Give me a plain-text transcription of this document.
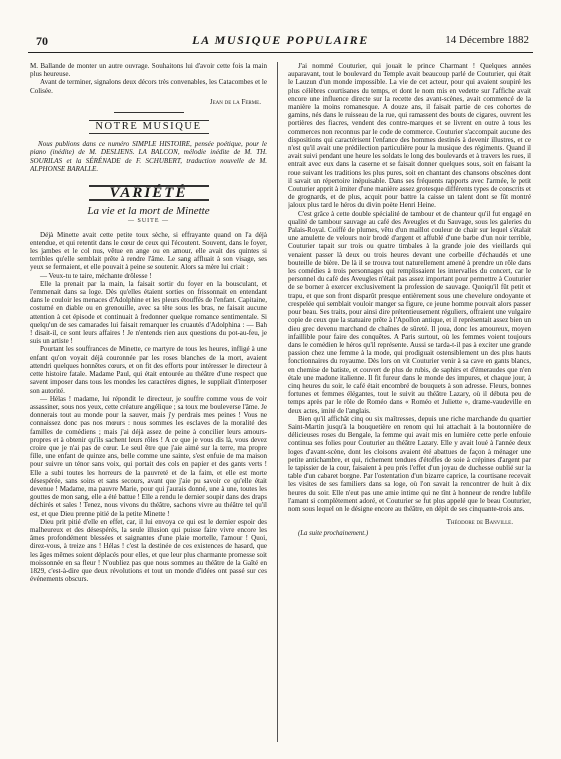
70	LA MUSIQUE POPULAIRE	14 Décembre 1882

M. Ballande de monter un autre ouvrage. Souhaitons lui d'avoir cette fois la main plus heureuse.

Avant de terminer, signalons deux décors très convenables, les Catacombes et le Colisée.

Jean de la Ferme.

NOTRE MUSIQUE

Nous publions dans ce numéro SIMPLE HISTOIRE, pensée poétique, pour le piano (inédite) de M. DESLIENS. LA BALCON, mélodie inédite de M. TH. SOURILAS et la SÉRÉNADE de F. SCHUBERT, traduction nouvelle de M. ALPHONSE BARALLE.

VARIÉTÉ
La vie et la mort de Minette
— SUITE —

Déjà Minette avait cette petite toux sèche, si effrayante quand on l'a déjà entendue, et qui retentit dans le cœur de ceux qui l'écoutent. Souvent, dans le foyer, les jambes et le col nus, vêtue en ange ou en amour, elle avait des quintes si terribles qu'elle semblait prête à rendre l'âme. Le sang affluait à son visage, ses yeux se fermaient, et elle pouvait à peine se soutenir. Alors sa mère lui criait :

— Veux-tu te taire, méchante drôlesse !

Elle la prenait par la main, la faisait sortir du foyer en la bousculant, et l'emmenait dans sa loge. Dès qu'elles étaient sorties on frissonnait en entendant dans le couloir les menaces d'Adolphine et les pleurs étouffés de l'enfant. Capitaine, costumé en diable ou en grenouille, avec sa tête sous les bras, ne faisait aucune attention à cet épisode et continuait à fredonner quelque romance sentimentale. Si quelqu'un de ses camarades lui faisait remarquer les cruautés d'Adolphina : — Bah ! disait-il, ce sont leurs affaires ! Je n'entends rien aux questions du pot-au-feu, je suis un artiste !

Pourtant les souffrances de Minette, ce martyre de tous les heures, infligé à une enfant qu'on voyait déjà couronnée par les roses blanches de la mort, avaient attendri quelques honnêtes cœurs, et on fit des efforts pour intéresser le directeur à cette histoire fatale. Madame Paul, qui était entourée au théâtre d'une respect que savent imposer dans tous les mondes les caractères dignes, le suppliait d'interposer son autorité.

— Hélas ! madame, lui répondit le directeur, je souffre comme vous de voir assassiner, sous nos yeux, cette créature angélique ; sa toux me bouleverse l'âme. Je donnerais tout au monde pour la sauver, mais j'y perdrais mes peines ! Vous ne connaissez donc pas nos mœurs : nous sommes les esclaves de la moralité des familles de comédiens ; mais j'ai déjà assez de peine à concilier leurs amours-propres et à obtenir qu'ils sachent leurs rôles ! A ce que je vous dis là, vous devez croire que je n'ai pas de cœur. Le seul être que j'aie aimé sur la terre, ma propre fille, une enfant de quinze ans, belle comme une sainte, s'est enfuie de ma maison pour suivre un ténor sans voix, qui portait des cols en papier et des gants verts ! Elle a subi toutes les horreurs de la pauvreté et de la faim, et elle est morte désespérée, sans soins et sans secours, avant que j'aie pu savoir ce qu'elle était devenue ! Madame, ma pauvre Marie, pour qui j'aurais donné, une à une, toutes les gouttes de mon sang, elle a été battue ! Elle a rendu le dernier soupir dans des draps déchirés et sales ! Tenez, nous vivons du théâtre, sachons vivre au théâtre tel qu'il est, et que Dieu prenne pitié de la petite Minette !

Dieu prit pitié d'elle en effet, car, il lui envoya ce qui est le dernier espoir des malheureux et des désespérés, la seule illusion qui puisse faire vivre encore les âmes profondément blessées et saignantes d'une plaie mortelle, l'amour ! Quoi, direz-vous, à treize ans ! Hélas ! c'est la destinée de ces existences de hasard, que les âges mêmes soient déplacés pour elles, et que leur plus charmante promesse soit moissonnée en sa fleur ! N'oubliez pas que nous sommes au théâtre de la Gaîté en 1829, c'est-à-dire que deux révolutions et tout un monde d'idées ont passé sur ces événements obscurs.

J'ai nommé Couturier, qui jouait le prince Charmant ! Quelques années auparavant, tout le boulevard du Temple avait beaucoup parlé de Couturier, qui était le Lauzun d'un monde impossible. La vie de cet acteur, pour qui avaient soupiré les plus célèbres courtisanes du temps, et dont le nom mis en vedette sur l'affiche avait encore une influence directe sur la recette des avant-scènes, avait commencé de la manière la moins romanesque. A douze ans, il faisait partie de ces cohortes de gamins, nés dans le ruisseau de la rue, qui ramassent des bouts de cigares, ouvrent les portières des fiacres, vendent des contre-marques et se livrent en outre à tous les commerces non reconnus par le code de commerce. Couturier s'accompait aucune des dispositions qui caractérisent l'enfance des hommes destinés à devenir illustres, et ce n'est qu'il avait une prédilection particulière pour la musique des régiments. Quand il avait suivi pendant une heure les soldats le long des boulevards et à travers les rues, il entrait avec eux dans la caserne et se faisait donner quelques sous, soit en faisant la roue suivant les traditions les plus pures, soit en chantant des chansons obscènes dont il savait un répertoire inépuisable. Dans ses fréquents rapports avec l'armée, le petit Couturier apprit à imiter d'une manière assez grotesque différents types de conscrits et de grognards, et de plus, acquit pour battre la caisse un talent dont se fût montré jaloux plus tard le héros du divin poète Henri Heine.

C'est grâce à cette double spécialité de tambour et de chanteur qu'il fut engagé en qualité de tambour sauvage au café des Aveugles et du Sauvage, sous les galeries du Palais-Royal. Coiffé de plumes, vêtu d'un maillot couleur de chair sur lequel s'étalait une amulette de velours noir brodé d'argent et affublé d'une barbe d'un noir terrible, Couturier tapait sur trois ou quatre timbales à la grande joie des vieillards qui venaient passer là deux ou trois heures devant une corbeille d'échaudés et une bouteille de bière. De là il se trouva tout naturellement amené à prendre un rôle dans les comédies à trois personnages qui remplissaient les intervalles du concert, car le personnel du café des Aveugles n'était pas assez important pour permettre à Couturier de se borner à exercer exclusivement la profession de sauvage. Quoiqu'il fût petit et trapu, et que son front disparût presque entièrement sous une chevelure ondoyante et crespelée qui semblait vouloir manger sa figure, ce jeune homme pouvait alors passer pour beau. Ses traits, pour ainsi dire prétentieusement réguliers, offraient une vulgaire copie de ceux que la statuaire prête à l'Apollon antique, et il représentait assez bien un dieu grec devenu marchand de chaînes de sûreté. Il joua, donc les amoureux, moyen infaillible pour faire des conquêtes. A Paris surtout, où les femmes voient toujours dans le comédien le héros qu'il représente. Aussi se tarda-t-il pas à exciter une grande passion chez une femme à la mode, qui prodiguait ostensiblement un des plus hauts fonctionnaires du royaume. Dès lors on vit Couturier venir à sa cave en gants blancs, en chemise de batiste, et couvert de plus de rubis, de saphirs et d'émeraudes que n'en étale une madone italienne. Il fit fureur dans le monde des impures, et chaque jour, à cinq heures du soir, le café était encombré de bouquets à son adresse. Fleurs, bonnes fortunes et femmes élégantes, tout le suivit au théâtre Lazary, où il débuta peu de temps après par le rôle de Roméo dans « Roméo et Juliette », drame-vaudeville en deux actes, imité de l'anglais.

Bien qu'il affichât cinq ou six maîtresses, depuis une riche marchande du quartier Saint-Martin jusqu'à la bouquetière en renom qui lui attachait à la boutonnière de délicieuses roses du Bengale, la femme qui avait mis en lumière cette perle enfouie continua ses folies pour Couturier au théâtre Lazary. Elle y avait loué à l'année deux loges d'avant-scène, dont les cloisons avaient été abattues de façon à ménager une petite antichambre, et qui, richement tendues d'étoffes de soie à crépines d'argent par le tapissier de la cour, faisaient à peu près l'effet d'un joyau de duchesse oublié sur la table d'un cabaret borgne. Par l'ostentation d'un bizarre caprice, la courtisane recevait les visites de ses familiers dans sa loge, où l'on savait la rencontrer de huit à dix heures du soir. Elle n'eut pas une amie intime qui ne tînt à honneur de rendre lubfile l'amant si complètement adoré, et Couturier se fut plus appelé que le beau Couturier, nom sous lequel on le désigne encore au théâtre, en dépit de ses cinquante-trois ans.

Théodore de Banville.
(La suite prochainement.)
